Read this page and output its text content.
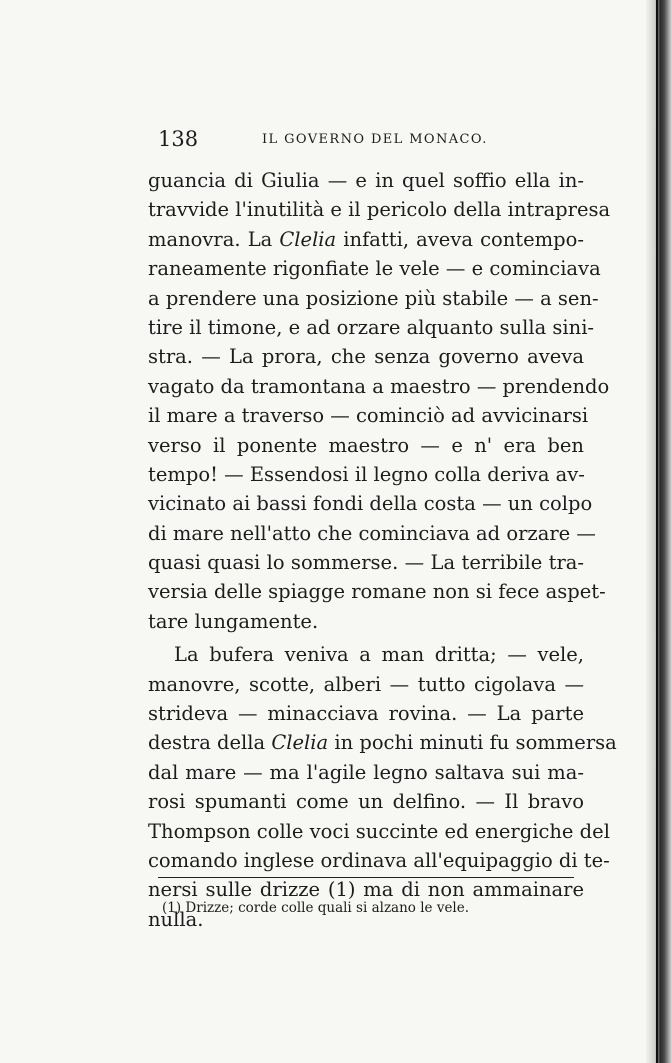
138	IL GOVERNO DEL MONACO.
guancia di Giulia — e in quel soffio ella in-
travvide l'inutilità e il pericolo della intrapresa
manovra. La Clelia infatti, aveva contempo-
raneamente rigonfiate le vele — e cominciava
a prendere una posizione più stabile — a sen-
tire il timone, e ad orzare alquanto sulla sini-
stra. — La prora, che senza governo aveva
vagato da tramontana a maestro — prendendo
il mare a traverso — cominciò ad avvicinarsi
verso il ponente maestro — e n' era ben
tempo! — Essendosi il legno colla deriva av-
vicinato ai bassi fondi della costa — un colpo
di mare nell'atto che cominciava ad orzare —
quasi quasi lo sommerse. — La terribile tra-
versia delle spiagge romane non si fece aspet-
tare lungamente.
La bufera veniva a man dritta; — vele,
manovre, scotte, alberi — tutto cigolava —
strideva — minacciava rovina. — La parte
destra della Clelia in pochi minuti fu sommersa
dal mare — ma l'agile legno saltava sui ma-
rosi spumanti come un delfino. — Il bravo
Thompson colle voci succinte ed energiche del
comando inglese ordinava all'equipaggio di te-
nersi sulle drizze (1) ma di non ammainare
nulla.
(1) Drizze; corde colle quali si alzano le vele.
